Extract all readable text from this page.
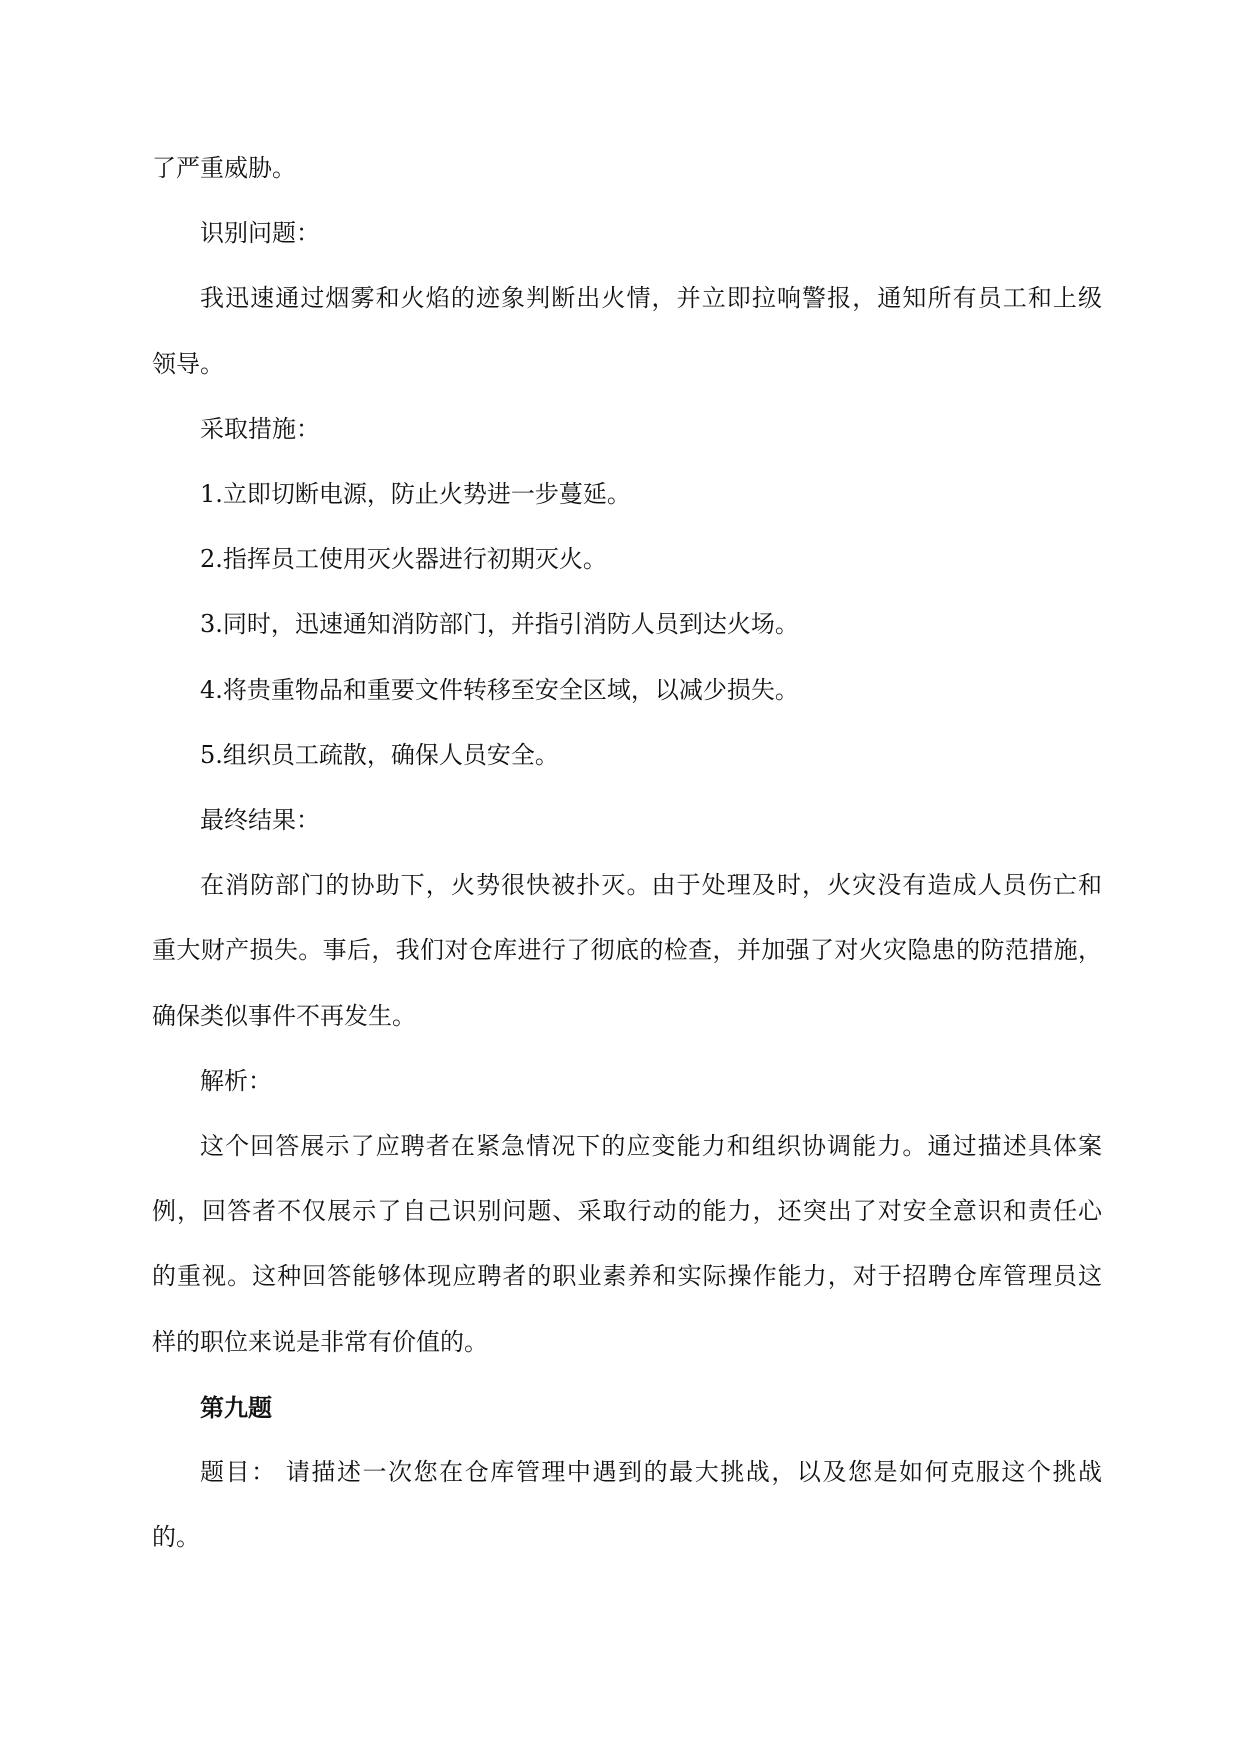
了严重威胁。
识别问题：
我迅速通过烟雾和火焰的迹象判断出火情，并立即拉响警报，通知所有员工和上级
领导。
采取措施：
1.立即切断电源，防止火势进一步蔓延。
2.指挥员工使用灭火器进行初期灭火。
3.同时，迅速通知消防部门，并指引消防人员到达火场。
4.将贵重物品和重要文件转移至安全区域，以减少损失。
5.组织员工疏散，确保人员安全。
最终结果：
在消防部门的协助下，火势很快被扑灭。由于处理及时，火灾没有造成人员伤亡和
重大财产损失。事后，我们对仓库进行了彻底的检查，并加强了对火灾隐患的防范措施，
确保类似事件不再发生。
解析：
这个回答展示了应聘者在紧急情况下的应变能力和组织协调能力。通过描述具体案
例，回答者不仅展示了自己识别问题、采取行动的能力，还突出了对安全意识和责任心
的重视。这种回答能够体现应聘者的职业素养和实际操作能力，对于招聘仓库管理员这
样的职位来说是非常有价值的。
第九题
题目： 请描述一次您在仓库管理中遇到的最大挑战，以及您是如何克服这个挑战
的。
